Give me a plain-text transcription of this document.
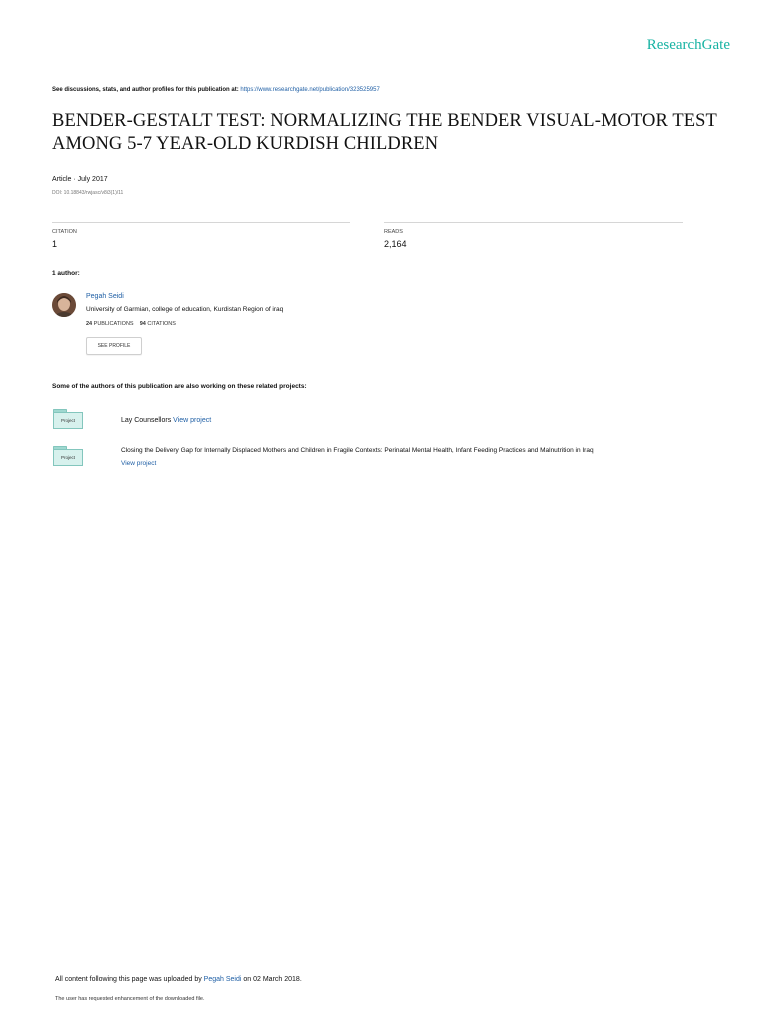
ResearchGate
See discussions, stats, and author profiles for this publication at: https://www.researchgate.net/publication/323525957
BENDER-GESTALT TEST: NORMALIZING THE BENDER VISUAL-MOTOR TEST
AMONG 5-7 YEAR-OLD KURDISH CHILDREN
Article · July 2017
DOI: 10.18843/rwjasc/v8i3(1)/11
CITATION
1
READS
2,164
1 author:
Pegah Seidi
University of Garmian, college of education, Kurdistan Region of iraq
24 PUBLICATIONS 94 CITATIONS
SEE PROFILE
Some of the authors of this publication are also working on these related projects:
Project	Lay Counsellors View project
Project
Closing the Delivery Gap for Internally Displaced Mothers and Children in Fragile Contexts: Perinatal Mental Health, Infant Feeding Practices and Malnutrition in Iraq
View project
All content following this page was uploaded by Pegah Seidi on 02 March 2018.
The user has requested enhancement of the downloaded file.
